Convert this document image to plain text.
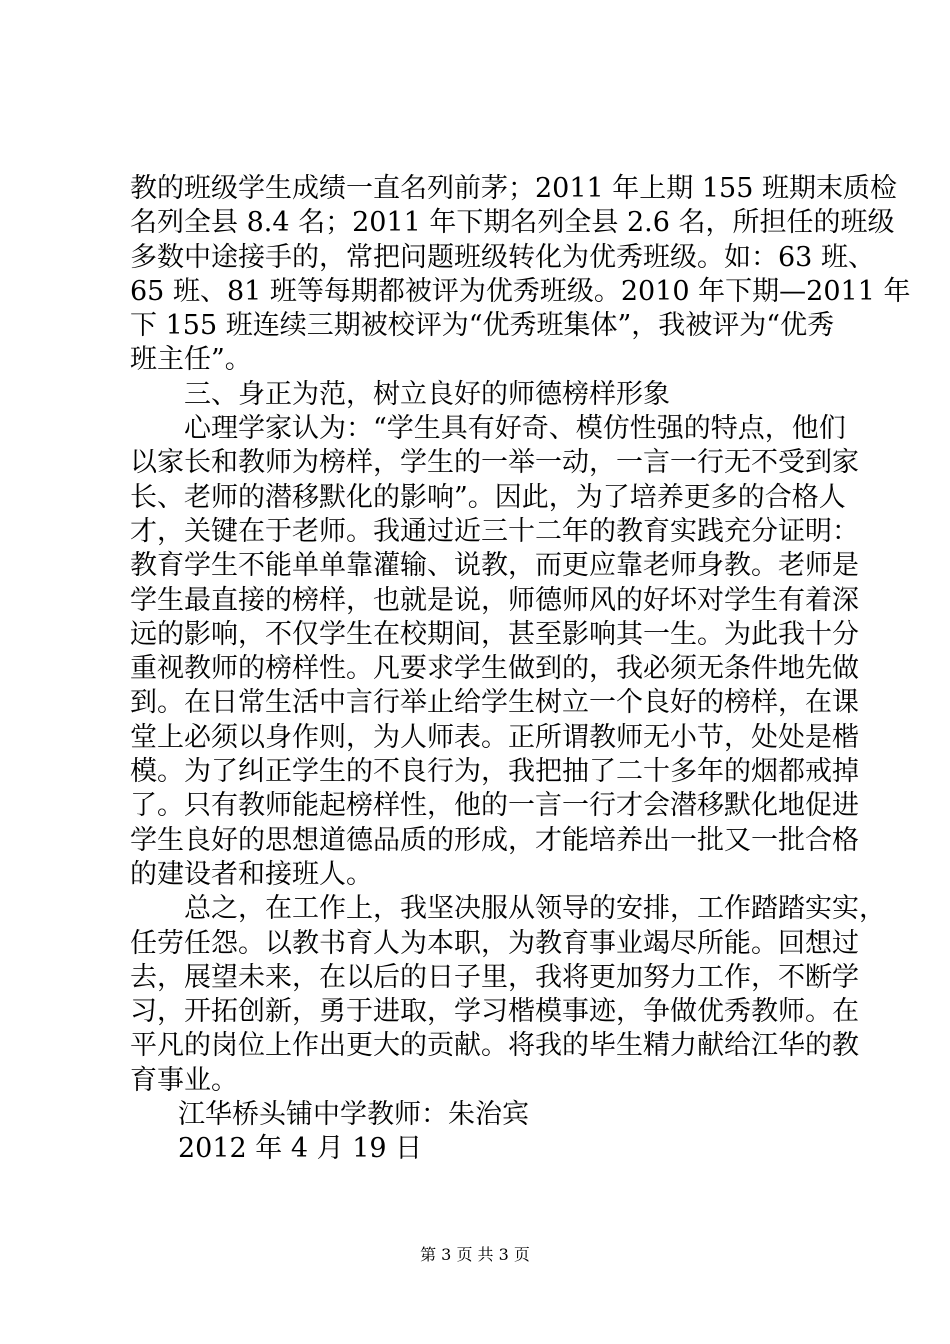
教的班级学生成绩一直名列前茅；2011 年上期 155 班期末质检
名列全县 8.4 名；2011 年下期名列全县 2.6 名，所担任的班级
多数中途接手的，常把问题班级转化为优秀班级。如：63 班、
65 班、81 班等每期都被评为优秀班级。2010 年下期—2011 年
下 155 班连续三期被校评为“优秀班集体”，我被评为“优秀
班主任”。
三、身正为范，树立良好的师德榜样形象
心理学家认为：“学生具有好奇、模仿性强的特点，他们
以家长和教师为榜样，学生的一举一动，一言一行无不受到家
长、老师的潜移默化的影响”。因此，为了培养更多的合格人
才，关键在于老师。我通过近三十二年的教育实践充分证明：
教育学生不能单单靠灌输、说教，而更应靠老师身教。老师是
学生最直接的榜样，也就是说，师德师风的好坏对学生有着深
远的影响，不仅学生在校期间，甚至影响其一生。为此我十分
重视教师的榜样性。凡要求学生做到的，我必须无条件地先做
到。在日常生活中言行举止给学生树立一个良好的榜样，在课
堂上必须以身作则，为人师表。正所谓教师无小节，处处是楷
模。为了纠正学生的不良行为，我把抽了二十多年的烟都戒掉
了。只有教师能起榜样性，他的一言一行才会潜移默化地促进
学生良好的思想道德品质的形成，才能培养出一批又一批合格
的建设者和接班人。
总之，在工作上，我坚决服从领导的安排，工作踏踏实实，
任劳任怨。以教书育人为本职，为教育事业竭尽所能。回想过
去，展望未来，在以后的日子里，我将更加努力工作，不断学
习，开拓创新，勇于进取，学习楷模事迹，争做优秀教师。在
平凡的岗位上作出更大的贡献。将我的毕生精力献给江华的教
育事业。
江华桥头铺中学教师：朱治宾
2012 年 4 月 19 日
第 3 页 共 3 页
